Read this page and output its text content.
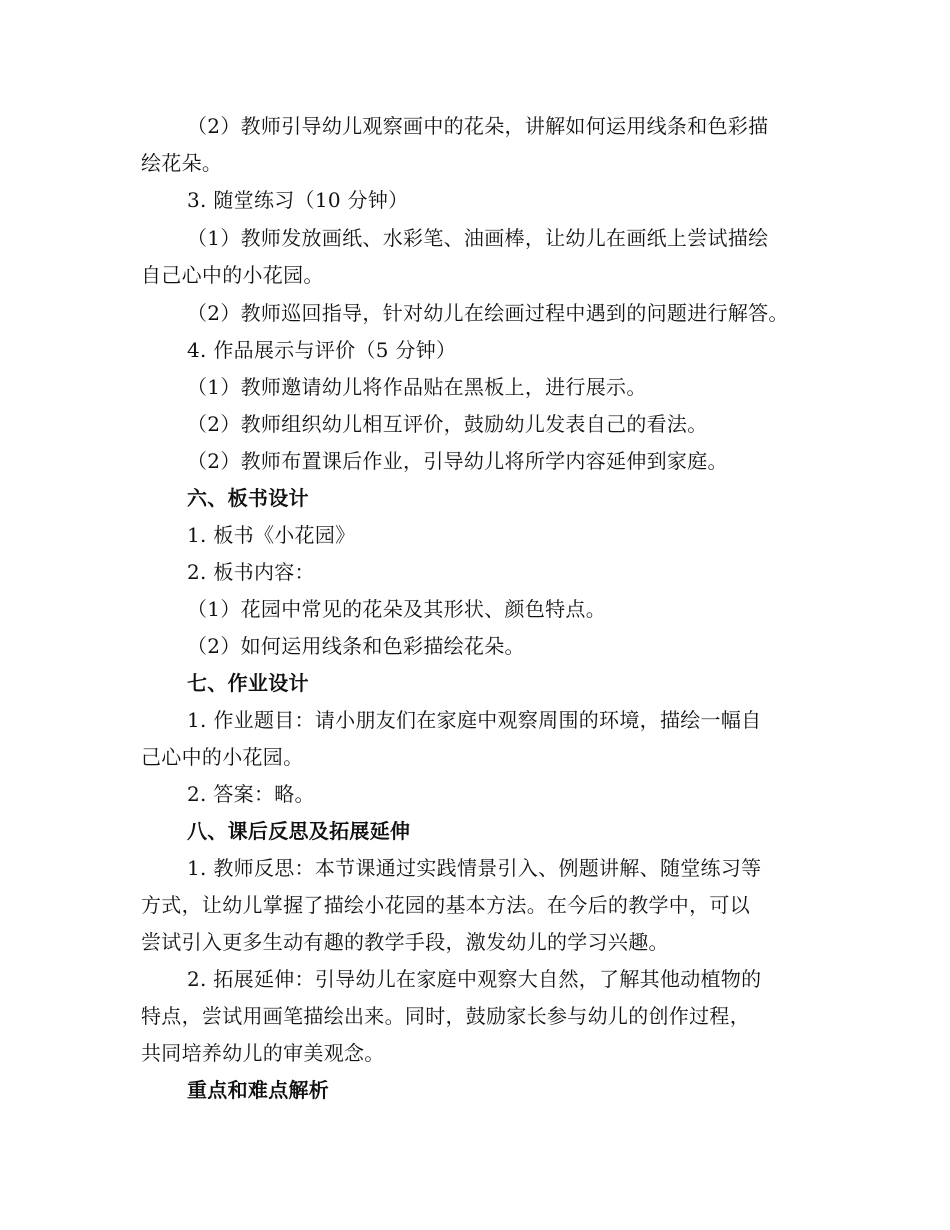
（2）教师引导幼儿观察画中的花朵，讲解如何运用线条和色彩描
绘花朵。
3. 随堂练习（10 分钟）
（1）教师发放画纸、水彩笔、油画棒，让幼儿在画纸上尝试描绘
自己心中的小花园。
（2）教师巡回指导，针对幼儿在绘画过程中遇到的问题进行解答。
4. 作品展示与评价（5 分钟）
（1）教师邀请幼儿将作品贴在黑板上，进行展示。
（2）教师组织幼儿相互评价，鼓励幼儿发表自己的看法。
（2）教师布置课后作业，引导幼儿将所学内容延伸到家庭。
六、板书设计
1. 板书《小花园》
2. 板书内容：
（1）花园中常见的花朵及其形状、颜色特点。
（2）如何运用线条和色彩描绘花朵。
七、作业设计
1. 作业题目：请小朋友们在家庭中观察周围的环境，描绘一幅自
己心中的小花园。
2. 答案：略。
八、课后反思及拓展延伸
1. 教师反思：本节课通过实践情景引入、例题讲解、随堂练习等
方式，让幼儿掌握了描绘小花园的基本方法。在今后的教学中，可以
尝试引入更多生动有趣的教学手段，激发幼儿的学习兴趣。
2. 拓展延伸：引导幼儿在家庭中观察大自然，了解其他动植物的
特点，尝试用画笔描绘出来。同时，鼓励家长参与幼儿的创作过程，
共同培养幼儿的审美观念。
重点和难点解析
